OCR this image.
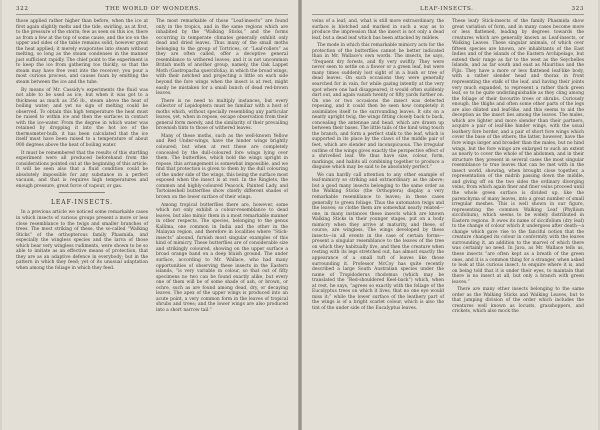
322	THE WORLD OF WONDERS.

those applied rather higher than before, when the ice at first again slightly melts and the tide, swirling, as at first, to the pressure of the storm; few as seen on this ice, there as from a few at the top of some cause, and the ice on the upper and sides of the table remains solid, however great the heat applied; it merely evaporates into steam without melting, so long as the steam condenses in the manner just sufficient rapidly. The chief point to the experiment is to keep the ice from gathering too thickly, so that the steam may have free vent into the receiver; you pour a most curious process, and causes foam by emitting the steam between the ice and the tube.

By means of Mr. Cassidy's experiments the fluid was not able to be used as ice; but when it was got to a thickness as much as 356 lb., steam above the heat of boiling water; and yet no sign of melting could be observed. To obtain this high temperature the heat must be raised to within ice and then the surfaces in contact with the ice-water. From the degree in which water was retained by dropping it into the hot ice of the thermometer-bulb, it has been calculated that the ice itself must have been raised to a temperature of about 900 degrees above the heat of boiling water.

It must be remembered that the results of this startling experiment were all produced beforehand from the considerations pointed out at the beginning of this article. It will be seen also that a fluid condition could be absolutely impossible for any substance in a perfect vacuum, and that is requires high temperatures and enough pressure, great force of vapour, or gas.

LEAF-INSECTS.

In a previous article we noticed some remarkable cases in which insects of various groups present a more or less close resemblance to the twigs and smaller branches of trees. The most striking of these, the so-called “Walking Sticks” of the orthopterous family Phasmida, and especially the wingless species and the larva of those which bear very wingless rudiments, were shown to be so able to imitate as an effective means of protection, that they are as an adaptive defence in everybody; but in the pattern in which they feed; yet of its unusual adaptation when among the foliage in which they feed.

The most remarkable of those “Leaf-insects” are found only in the tropics, and in the same regions which are inhabited by the “Walking Sticks,” and the forms occurring in temperate climates generally exhibit only dead and dried leaves. Thus many of the small moths belonging to the group of Tortrices, or “Leaf-rollers” as they are often called, offer a deceptive general resemblance to withered leaves; and it is not uncommon British moth of another group, namely, the Oak Lappet Moth (Gastropacha quercifolia), in which the broad wings, with their notched and projecting a little on each side beyond the fore wings when the insect is at rest, might easily be mistaken for a small bunch of dead red-brown leaves.

There is no need to multiply instances, but every collector of Lepidoptera must be familiar with a host of moths which, without specially resembling any particular leaves, yet, when in repose, escape observation from their general form merely, and the similarity of their prevailing brownish tints to those of withered leaves.

Many of these moths, such as the well-known Yellow and Red Under-wings, have the hinder wings brightly coloured; but when at rest these are completely concealed by the dull-coloured fore wings lying over them. The butterflies, which hold the wings upright in repose, this arrangement is somewhat impossible, and we find that protection is given to them by the dull colouring of the under side of the wings, this being the surface most exposed when the insect is at rest. In the Ringlets, the common and highly-coloured Peacock, Painted Lady, and Tortoiseshell butterflies show chiefly different shades of brown on the lower surface of their wings.

Among tropical butterflies there are, however, some which not only exhibit a colour-resemblance to dead leaves, but also mimic them in a most remarkable manner in other respects. The species, belonging to the genus Kallima, one common in India and the other in the Malayan region, and therefore in localities where “Stick-insects” abound, furnish most singular examples of this kind of mimicry. These butterflies are of considerable size and strikingly coloured, showing on the upper surface a broad orange band on a deep bluish ground. The under surface, according to Mr. Wallace, who had many opportunities of observing these insects in the Eastern islands, “is very variable in colour, so that out of fifty specimens no two can be found exactly alike, but every one of them will be of some shade of ash, or brown, or ochre, such as are found among dead, dry, or decaying leaves. The apex of the upper wings is produced into an acute point, a very common form in the leaves of tropical shrubs and trees; and the lower wings are also produced into a short narrow tail.”

LEAF-INSECTS.	323

veins of a leaf; and, what is still more extraordinary, the surface is blotched and marked in such a way as to produce the impression that the insect is not only a dead leaf, but a dead leaf which has been attacked by mildew.

The mode in which this remarkable mimicry acts for the protection of the butterflies cannot be better indicated than in Mr. Wallace's own words. The insects, he says, “frequent dry forests, and fly very swiftly. They were never seen to settle on a flower or a green leaf, but were many times suddenly lost sight of in a bush or tree of dead leaves. On such occasions they were generally searched for in vain, for while gazing intently at the very spot where one had disappeared, it would often suddenly dart out, and again vanish twenty or fifty yards further on. On one or two occasions the insect was detected reposing, and it could then be seen how completely it assimilates itself to the surrounding leaves. It sits on a nearly upright twig, the wings fitting closely back to back, concealing the antennae and head, which are drawn up between their bases. The little tails of the hind wing touch the branch, and form a perfect stalk to the leaf, which is supported in its place by the claws of the middle pair of feet, which are slender and inconspicuous. The irregular outline of the wings gives exactly the perspective effect of a shrivelled leaf. We thus have size, colour, form, markings, and habits all combining together to produce a disguise which may be said to be absolutely perfect.”

We can hardly call attention to any other example of leaf-mimicry so striking and extraordinary as the above; but a good many insects belonging to the same order as the Walking Sticks (the Orthoptera) display a very remarkable resemblance to leaves; in these cases generally to green foliage. Thus the automaton twigs and the leaves; so clothe them are somewhat nearly related—one, in many instances these insects which are known Walking Sticks in their younger stages, put on a body mimicry when they arrive at maturity, and these, of course, are wingless. The wings developed by these insects—in all events in the case of certain forms—present a singular resemblance to the leaves of the tree on which they habitually live, and then the creature when resting with its legs stretched out, has almost exactly the appearance of a small tuft of leaves like those surrounding it. Professor McCoy has quite recently described a large South Australian species under the name of Tropidoderus rhodomus (which may be translated the “Red-shouldered Keel-back”) which, when at rest, he says, “agrees so exactly with the foliage of the Eucalyptus trees on which it lives, that no one eye would miss it;” while the lower surface of the leathery part of the wings is of a bright scarlet colour, which is also the tint of the under side of the Eucalyptus leaves.

These leafy Stick-insects of the family Phasmida show great variation of form, and in many cases become more or less flattened, leading by degrees towards the creatures which are generally known as Leaf-insects, or Walking Leaves. These singular animals, of which over fifteen species are known, are inhabitants of the East Indies and of the islands of the Eastern Archipelago, but extend their range as far to the west as the Seychelles Islands, and as far south and east as Mauritius and the Fijis. They have a more or less flattened leaf-like body, with a rather slender head and thorax in front representing the stalk of the leaf, and having their joints very much expanded, to represent a rather thick green leaf, so to be quite undistinguishable as they cling among the foliage of their favourite trees or shrubs. Curiously enough, the thighs and often some other parts of the legs are also dilated and leaf-like, and this seems to aid the deception as the insect lies among the leaves. The males, which are lighter and more slender than their partners, acquire a pair of leaf-like hinder wings, with the usual leathery fore border, and a pair of short fore wings which cover the base of the others; the latter, however, have the fore wings larger and broader than the males, but no hind wings, but the fore wings are enlarged to such an extent as nearly to cover the whole of the abdomen, and in their structure they present in several cases the most singular resemblance to true leaves that can be met with in the insect world, showing, when brought close together, a representation of the midrib passing down the middle, and giving off on the two sides the ordinary diverging veins, from which again finer and finer veins proceed until the whole green surface is divided up, like the parenchyma of many leaves, into a great number of small irregular meshes. This is well shown in our figure, representing the common Walking Leaf (Phyllium siccifolium), which seems to be widely distributed in Eastern regions. It owes its name of siccifolium (dry leaf) to the change of colour which it undergoes after death—a change which gave rise to the fanciful notion that the creature changed its colour in conformity with the leaves surrounding it, an addition to the marvel of which there was certainly no need. In Java, as Mr. Wallace tells us, these insects “are often kept as a breath of the green ones, and it is a common thing for a stranger, when asked to look at this curious insect, to enquire where it is, and on being told that it is under their eyes, to maintain that there is no insect at all, but only a branch with green leaves.”

There are many other insects belonging to the same order as the Walking Sticks and Walking Leaves, but to that jumping division of the order which includes the creatures well known as locusts, grasshoppers, and crickets, which also mock the
